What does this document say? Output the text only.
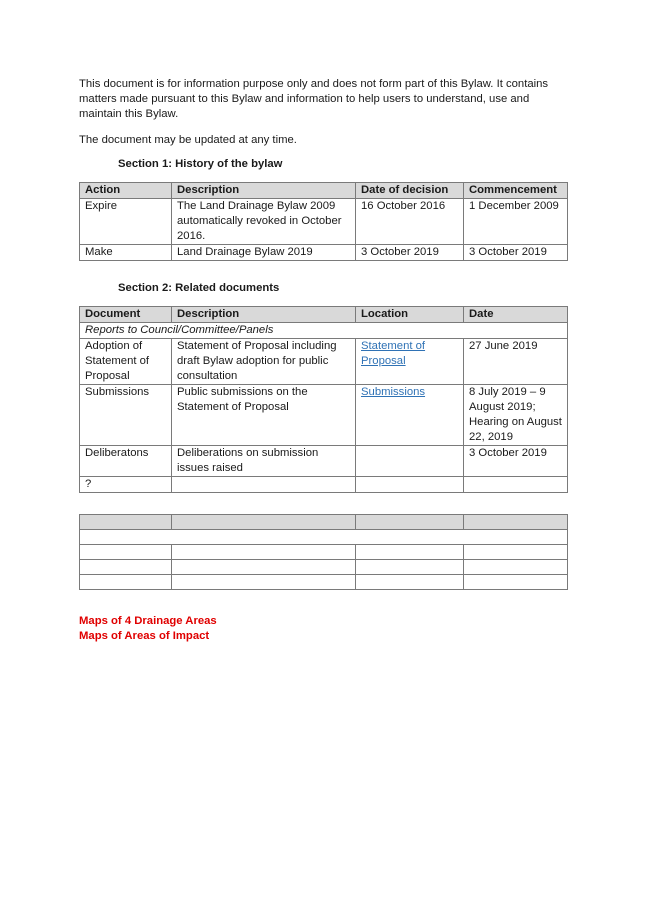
This document is for information purpose only and does not form part of this Bylaw. It contains matters made pursuant to this Bylaw and information to help users to understand, use and maintain this Bylaw.

The document may be updated at any time.

Section 1: History of the bylaw

Action	Description	Date of decision	Commencement
Expire	The Land Drainage Bylaw 2009 automatically revoked in October 2016.	16 October 2016	1 December 2009
Make	Land Drainage Bylaw 2019	3 October 2019	3 October 2019

Section 2: Related documents

Document	Description	Location	Date
Reports to Council/Committee/Panels			
Adoption of Statement of Proposal	Statement of Proposal including draft Bylaw adoption for public consultation	Statement of Proposal	27 June 2019
Submissions	Public submissions on the Statement of Proposal	Submissions	8 July 2019 – 9 August 2019; Hearing on August 22, 2019
Deliberatons	Deliberations on submission issues raised		3 October 2019
?			

Maps of 4 Drainage Areas

Maps of Areas of Impact
